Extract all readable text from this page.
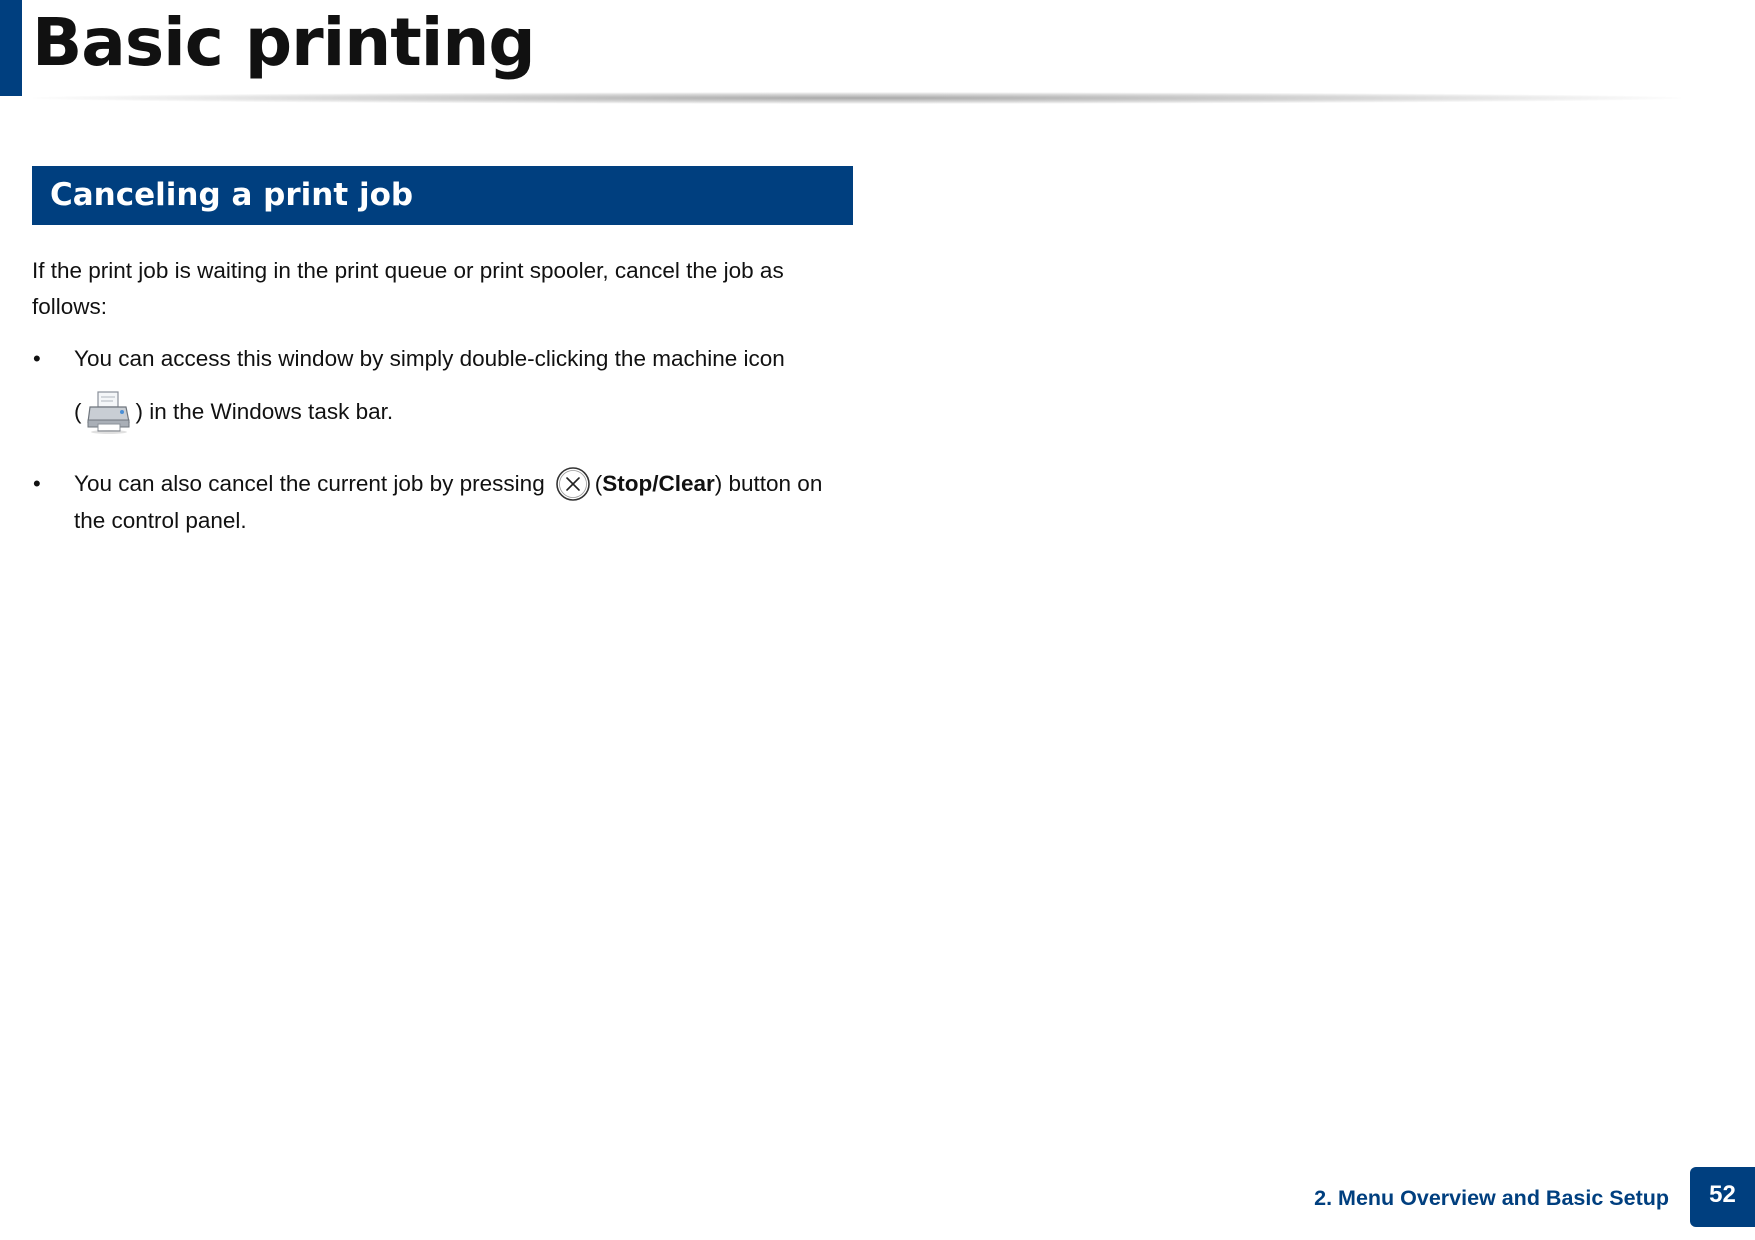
Basic printing
Canceling a print job

If the print job is waiting in the print queue or print spooler, cancel the job as follows:

• You can access this window by simply double-clicking the machine icon

( ) in the Windows task bar.

• You can also cancel the current job by pressing ( Stop/Clear ) button on

the control panel.

2. Menu Overview and Basic Setup	52
